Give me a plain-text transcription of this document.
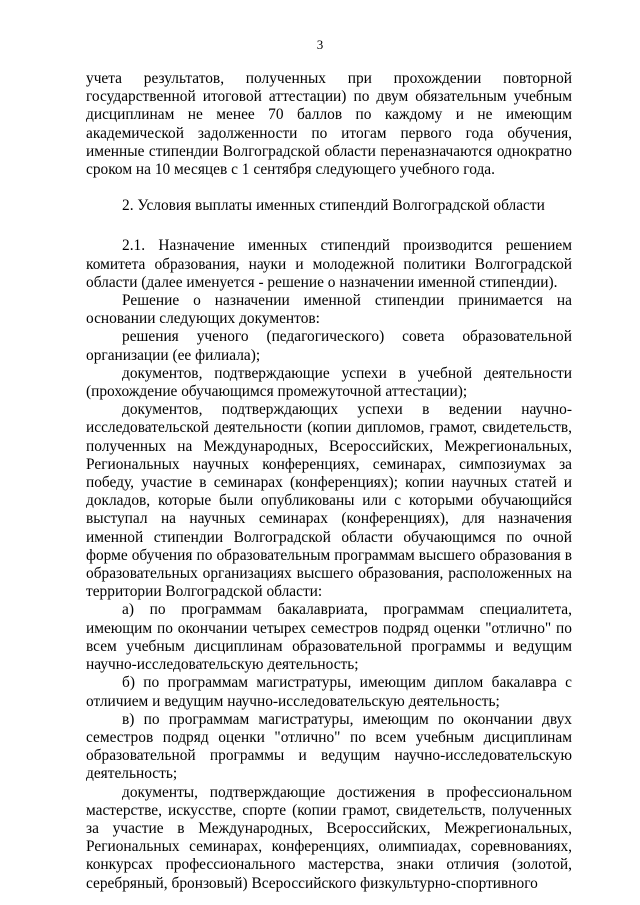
3

учета результатов, полученных при прохождении повторной государственной итоговой аттестации) по двум обязательным учебным дисциплинам не менее 70 баллов по каждому и не имеющим академической задолженности по итогам первого года обучения, именные стипендии Волгоградской области переназначаются однократно сроком на 10 месяцев с 1 сентября следующего учебного года.

2. Условия выплаты именных стипендий Волгоградской области

2.1. Назначение именных стипендий производится решением комитета образования, науки и молодежной политики Волгоградской области (далее именуется - решение о назначении именной стипендии).

Решение о назначении именной стипендии принимается на основании следующих документов:

решения ученого (педагогического) совета образовательной организации (ее филиала);

документов, подтверждающие успехи в учебной деятельности (прохождение обучающимся промежуточной аттестации);

документов, подтверждающих успехи в ведении научно-исследовательской деятельности (копии дипломов, грамот, свидетельств, полученных на Международных, Всероссийских, Межрегиональных, Региональных научных конференциях, семинарах, симпозиумах за победу, участие в семинарах (конференциях); копии научных статей и докладов, которые были опубликованы или с которыми обучающийся выступал на научных семинарах (конференциях), для назначения именной стипендии Волгоградской области обучающимся по очной форме обучения по образовательным программам высшего образования в образовательных организациях высшего образования, расположенных на территории Волгоградской области:

а) по программам бакалавриата, программам специалитета, имеющим по окончании четырех семестров подряд оценки "отлично" по всем учебным дисциплинам образовательной программы и ведущим научно-исследовательскую деятельность;

б) по программам магистратуры, имеющим диплом бакалавра с отличием и ведущим научно-исследовательскую деятельность;

в) по программам магистратуры, имеющим по окончании двух семестров подряд оценки "отлично" по всем учебным дисциплинам образовательной программы и ведущим научно-исследовательскую деятельность;

документы, подтверждающие достижения в профессиональном мастерстве, искусстве, спорте (копии грамот, свидетельств, полученных за участие в Международных, Всероссийских, Межрегиональных, Региональных семинарах, конференциях, олимпиадах, соревнованиях, конкурсах профессионального мастерства, знаки отличия (золотой, серебряный, бронзовый) Всероссийского физкультурно-спортивного
